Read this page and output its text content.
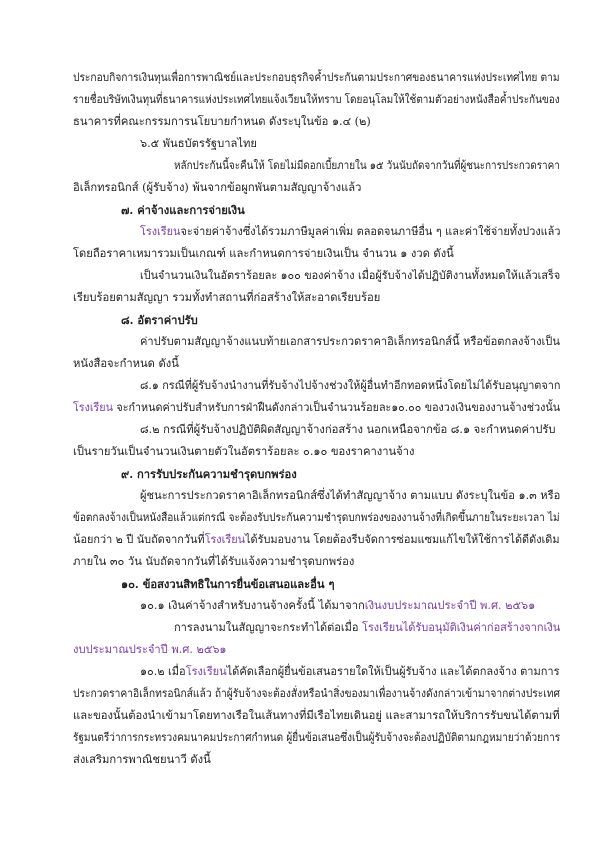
ประกอบกิจการเงินทุนเพื่อการพาณิชย์และประกอบธุรกิจค้ำประกันตามประกาศของธนาคารแห่งประเทศไทย ตาม
รายชื่อบริษัทเงินทุนที่ธนาคารแห่งประเทศไทยแจ้งเวียนให้ทราบ โดยอนุโลมให้ใช้ตามตัวอย่างหนังสือค้ำประกันของ
ธนาคารที่คณะกรรมการนโยบายกำหนด ดังระบุในข้อ ๑.๔ (๒)
๖.๕ พันธบัตรรัฐบาลไทย
หลักประกันนี้จะคืนให้ โดยไม่มีดอกเบี้ยภายใน ๑๕ วันนับถัดจากวันที่ผู้ชนะการประกวดราคา
อิเล็กทรอนิกส์ (ผู้รับจ้าง) พ้นจากข้อผูกพันตามสัญญาจ้างแล้ว
๗. ค่าจ้างและการจ่ายเงิน
โรงเรียนจะจ่ายค่าจ้างซึ่งได้รวมภาษีมูลค่าเพิ่ม ตลอดจนภาษีอื่น ๆ และค่าใช้จ่ายทั้งปวงแล้ว
โดยถือราคาเหมารวมเป็นเกณฑ์ และกำหนดการจ่ายเงินเป็น จำนวน ๑ งวด ดังนี้
เป็นจำนวนเงินในอัตราร้อยละ ๑๐๐ ของค่าจ้าง เมื่อผู้รับจ้างได้ปฏิบัติงานทั้งหมดให้แล้วเสร็จ
เรียบร้อยตามสัญญา รวมทั้งทำสถานที่ก่อสร้างให้สะอาดเรียบร้อย
๘. อัตราค่าปรับ
ค่าปรับตามสัญญาจ้างแนบท้ายเอกสารประกวดราคาอิเล็กทรอนิกส์นี้ หรือข้อตกลงจ้างเป็น
หนังสือจะกำหนด ดังนี้
๘.๑ กรณีที่ผู้รับจ้างนำงานที่รับจ้างไปจ้างช่วงให้ผู้อื่นทำอีกทอดหนึ่งโดยไม่ได้รับอนุญาตจาก
โรงเรียน จะกำหนดค่าปรับสำหรับการฝ่าฝืนดังกล่าวเป็นจำนวนร้อยละ๑๐.๐๐ ของวงเงินของงานจ้างช่วงนั้น
๘.๒ กรณีที่ผู้รับจ้างปฏิบัติผิดสัญญาจ้างก่อสร้าง นอกเหนือจากข้อ ๘.๑ จะกำหนดค่าปรับ
เป็นรายวันเป็นจำนวนเงินตายตัวในอัตราร้อยละ ๐.๑๐ ของราคางานจ้าง
๙. การรับประกันความชำรุดบกพร่อง
ผู้ชนะการประกวดราคาอิเล็กทรอนิกส์ซึ่งได้ทำสัญญาจ้าง ตามแบบ ดังระบุในข้อ ๑.๓ หรือ
ข้อตกลงจ้างเป็นหนังสือแล้วแต่กรณี จะต้องรับประกันความชำรุดบกพร่องของงานจ้างที่เกิดขึ้นภายในระยะเวลา ไม่
น้อยกว่า ๒ ปี นับถัดจากวันที่โรงเรียนได้รับมอบงาน โดยต้องรีบจัดการซ่อมแซมแก้ไขให้ใช้การได้ดีดังเดิม
ภายใน ๓๐ วัน นับถัดจากวันที่ได้รับแจ้งความชำรุดบกพร่อง
๑๐. ข้อสงวนสิทธิในการยื่นข้อเสนอและอื่น ๆ
๑๐.๑ เงินค่าจ้างสำหรับงานจ้างครั้งนี้ ได้มาจากเงินงบประมาณประจำปี พ.ศ. ๒๕๖๑
การลงนามในสัญญาจะกระทำได้ต่อเมื่อ โรงเรียนได้รับอนุมัติเงินค่าก่อสร้างจากเงิน
งบประมาณประจำปี พ.ศ. ๒๕๖๑
๑๐.๒ เมื่อโรงเรียนได้คัดเลือกผู้ยื่นข้อเสนอรายใดให้เป็นผู้รับจ้าง และได้ตกลงจ้าง ตามการ
ประกวดราคาอิเล็กทรอนิกส์แล้ว ถ้าผู้รับจ้างจะต้องสั่งหรือนำสิ่งของมาเพื่องานจ้างดังกล่าวเข้ามาจากต่างประเทศ
และของนั้นต้องนำเข้ามาโดยทางเรือในเส้นทางที่มีเรือไทยเดินอยู่ และสามารถให้บริการรับขนได้ตามที่
รัฐมนตรีว่าการกระทรวงคมนาคมประกาศกำหนด ผู้ยื่นข้อเสนอซึ่งเป็นผู้รับจ้างจะต้องปฏิบัติตามกฎหมายว่าด้วยการ
ส่งเสริมการพาณิชยนาวี ดังนี้
